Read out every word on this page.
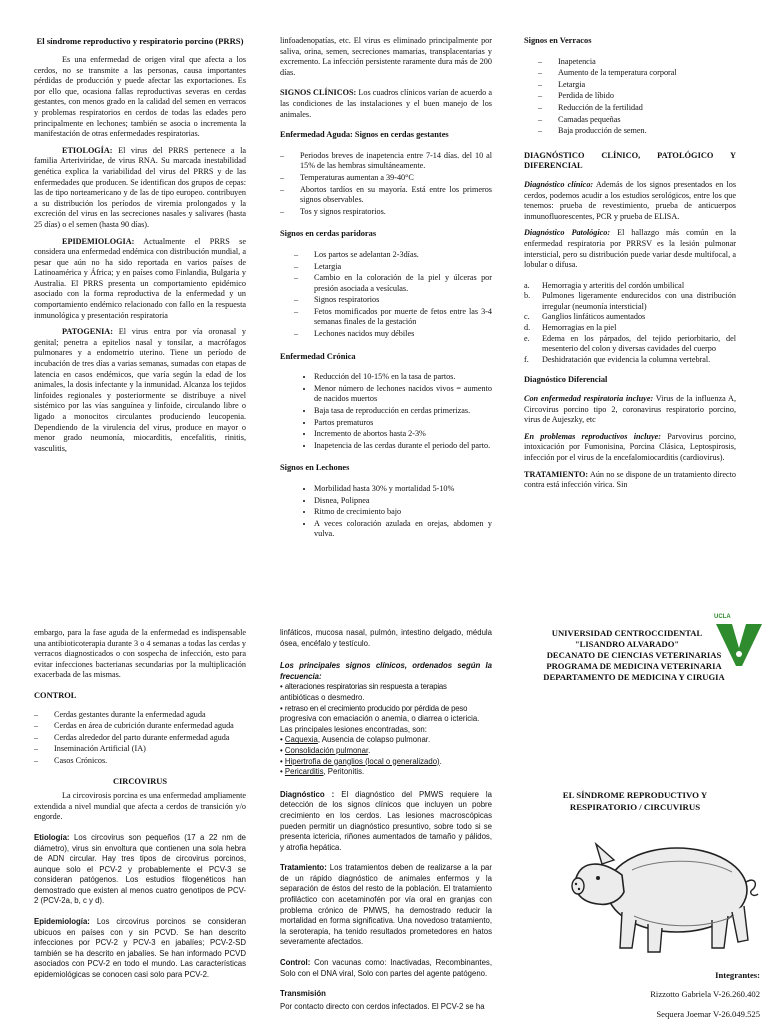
El síndrome reproductivo y respiratorio porcino (PRRS)

Es una enfermedad de origen viral que afecta a los cerdos, no se transmite a las personas, causa importantes pérdidas de producción y puede afectar las exportaciones. Es por ello que, ocasiona fallas reproductivas severas en cerdas gestantes, con menos grado en la calidad del semen en verracos y problemas respiratorios en cerdos de todas las edades pero principalmente en lechones; también se asocia o incrementa la manifestación de otras enfermedades respiratorias.

ETIOLOGÍA: El virus del PRRS pertenece a la familia Arteriviridae, de virus RNA. Su marcada inestabilidad genética explica la variabilidad del virus del PRRS y de las enfermedades que producen. Se identifican dos grupos de cepas: las de tipo norteamericano y de las de tipo europeo. contribuyen a su distribución los períodos de viremia prolongados y la excreción del virus en las secreciones nasales y salivares (hasta 25 días) o el semen (hasta 90 días).

EPIDEMIOLOGIA: Actualmente el PRRS se considera una enfermedad endémica con distribución mundial, a pesar que aún no ha sido reportada en varios países de Latinoamérica y África; y en países como Finlandia, Bulgaria y Australia. El PRRS presenta un comportamiento epidémico asociado con la forma reproductiva de la enfermedad y un comportamiento endémico relacionado con fallo en la respuesta inmunológica y presentación respiratoria

PATOGENIA: El virus entra por vía oronasal y genital; penetra a epitelios nasal y tonsilar, a macrófagos pulmonares y a endometrio uterino. Tiene un período de incubación de tres días a varias semanas, sumadas con etapas de latencia en casos endémicos, que varía según la edad de los animales, la dosis infectante y la inmunidad. Alcanza los tejidos linfoides regionales y posteriormente se distribuye a nivel sistémico por las vías sanguínea y linfoide, circulando libre o ligado a monocitos circulantes produciendo leucopenia. Dependiendo de la virulencia del virus, produce en mayor o menor grado neumonía, miocarditis, encefalitis, rinitis, vasculitis,

linfoadenopatías, etc. El virus es eliminado principalmente por saliva, orina, semen, secreciones mamarias, transplacentarias y excremento. La infección persistente raramente dura más de 200 días.

SIGNOS CLÍNICOS: Los cuadros clínicos varían de acuerdo a las condiciones de las instalaciones y el buen manejo de los animales.

Enfermedad Aguda: Signos en cerdas gestantes
– Periodos breves de inapetencia entre 7-14 días. del 10 al 15% de las hembras simultáneamente.
– Temperaturas aumentan a 39-40°C
– Abortos tardíos en su mayoría. Está entre los primeros signos observables.
– Tos y signos respiratorios.
Signos en cerdas paridoras
– Los partos se adelantan 2-3días.
– Letargia
– Cambio en la coloración de la piel y úlceras por presión asociada a vesículas.
– Signos respiratorios
– Fetos momificados por muerte de fetos entre las 3-4 semanas finales de la gestación
– Lechones nacidos muy débiles
Enfermedad Crónica
• Reducción del 10-15% en la tasa de partos.
• Menor número de lechones nacidos vivos = aumento de nacidos muertos
• Baja tasa de reproducción en cerdas primerizas.
• Partos prematuros
• Incremento de abortos hasta 2-3%
• Inapetencia de las cerdas durante el periodo del parto.
Signos en Lechones
• Morbilidad hasta 30% y mortalidad 5-10%
• Disnea, Polipnea
• Ritmo de crecimiento bajo
• A veces coloración azulada en orejas, abdomen y vulva.
Signos en Verracos
– Inapetencia
– Aumento de la temperatura corporal
– Letargia
– Perdida de líbido
– Reducción de la fertilidad
– Camadas pequeñas
– Baja producción de semen.
DIAGNÓSTICO CLÍNICO, PATOLÓGICO Y DIFERENCIAL

Diagnóstico clínico: Además de los signos presentados en los cerdos, podemos acudir a los estudios serológicos, entre los que tenemos: prueba de revestimiento, prueba de anticuerpos inmunofluorescentes, PCR y prueba de ELISA.

Diagnóstico Patológico: El hallazgo más común en la enfermedad respiratoria por PRRSV es la lesión pulmonar intersticial, pero su distribución puede variar desde multifocal, a lobular o difusa.

a. Hemorragia y arteritis del cordón umbilical
b. Pulmones ligeramente endurecidos con una distribución irregular (neumonía intersticial)
c. Ganglios linfáticos aumentados
d. Hemorragias en la piel
e. Edema en los párpados, del tejido periorbitario, del mesenterio del colon y diversas cavidades del cuerpo
f. Deshidratación que evidencia la columna vertebral.
Diagnóstico Diferencial

Con enfermedad respiratoria incluye: Virus de la influenza A, Circovirus porcino tipo 2, coronavirus respiratorio porcino, virus de Aujeszky, etc

En problemas reproductivos incluye: Parvovirus porcino, intoxicación por Fumonisina, Porcina Clásica, Leptospirosis, infección por el virus de la encefalomiocarditis (cardiovirus).

TRATAMIENTO: Aún no se dispone de un tratamiento directo contra está infección vírica. Sin

embargo, para la fase aguda de la enfermedad es indispensable una antibioticoterapia durante 3 o 4 semanas a todas las cerdas y verracos diagnosticados o con sospecha de infección, esto para evitar infecciones bacterianas secundarias por la multiplicación exacerbada de las mismas.

CONTROL
– Cerdas gestantes durante la enfermedad aguda
– Cerdas en área de cubrición durante enfermedad aguda
– Cerdas alrededor del parto durante enfermedad aguda
– Inseminación Artificial (IA)
– Casos Crónicos.
CIRCOVIRUS

La circovirosis porcina es una enfermedad ampliamente extendida a nivel mundial que afecta a cerdos de transición y/o engorde.

Etiología: Los circovirus son pequeños (17 a 22 nm de diámetro), virus sin envoltura que contienen una sola hebra de ADN circular. Hay tres tipos de circovirus porcinos, aunque solo el PCV-2 y probablemente el PCV-3 se consideran patógenos. Los estudios filogenéticos han demostrado que existen al menos cuatro genotipos de PCV-2 (PCV-2a, b, c y d).

Epidemiología: Los circovirus porcinos se consideran ubicuos en países con y sin PCVD. Se han descrito infecciones por PCV-2 y PCV-3 en jabalíes; PCV-2-SD también se ha descrito en jabalíes. Se han informado PCVD asociados con PCV-2 en todo el mundo. Las características epidemiológicas se conocen casi solo para PCV-2.

linfáticos, mucosa nasal, pulmón, intestino delgado, médula ósea, encéfalo y testículo.

Los principales signos clínicos, ordenados según la frecuencia:

• alteraciones respiratorias sin respuesta a terapias
antibióticas o desmedro.
• retraso en el crecimiento producido por pérdida de peso
progresiva con emaciación o anemia, o diarrea o ictericia.
Las principales lesiones encontradas, son:

• Caquexia, Ausencia de colapso pulmonar.
• Consolidación pulmonar.
• Hipertrofia de ganglios (local o generalizado).
• Pericarditis, Peritonitis.

Diagnóstico : El diagnóstico del PMWS requiere la detección de los signos clínicos que incluyen un pobre crecimiento en los cerdos. Las lesiones macroscópicas pueden permitir un diagnóstico presuntivo, sobre todo si se presenta ictericia, riñones aumentados de tamaño y pálidos, y atrofia hepática.

Tratamiento: Los tratamientos deben de realizarse a la par de un rápido diagnóstico de animales enfermos y la separación de éstos del resto de la población. El tratamiento profiláctico con acetaminofén por vía oral en granjas con problema crónico de PMWS, ha demostrado reducir la mortalidad en forma significativa. Una novedoso tratamiento, la seroterapia, ha tenido resultados prometedores en hatos severamente afectados.

Control: Con vacunas como: Inactivadas, Recombinantes, Solo con el DNA viral, Solo con partes del agente patógeno.

Transmisión

Por contacto directo con cerdos infectados. El PCV-2 se ha

UNIVERSIDAD CENTROCCIDENTAL
"LISANDRO ALVARADO"
DECANATO DE CIENCIAS VETERINARIAS
PROGRAMA DE MEDICINA VETERINARIA
DEPARTAMENTO DE MEDICINA Y CIRUGIA
UCLA
EL SÍNDROME REPRODUCTIVO Y RESPIRATORIO / CIRCUVIRUS
Integrantes:
Rizzotto Gabriela V-26.260.402
Sequera Joemar V-26.049.525
